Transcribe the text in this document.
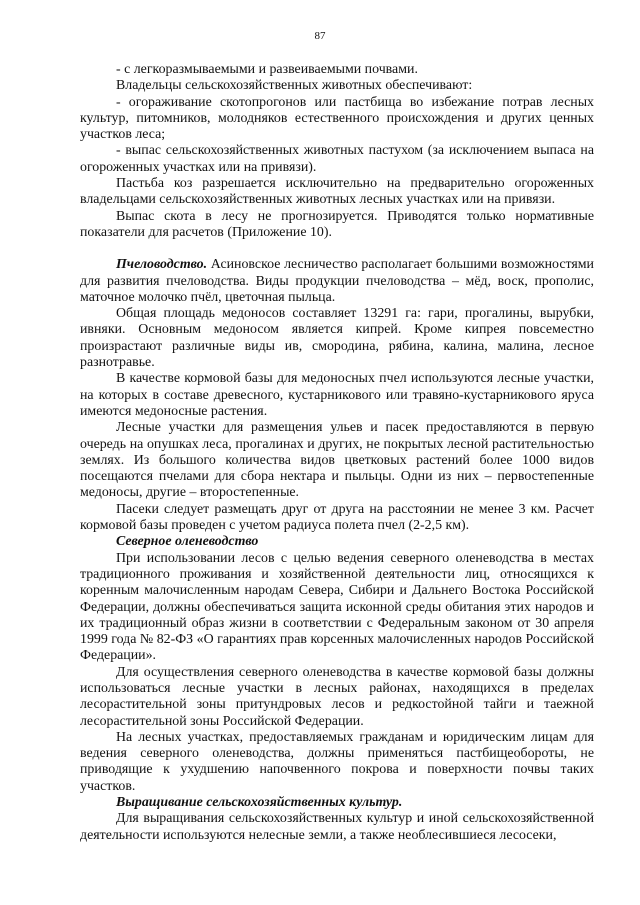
87

- с легкоразмываемыми и развеиваемыми почвами.

Владельцы сельскохозяйственных животных обеспечивают:

- огораживание скотопрогонов или пастбища во избежание потрав лесных культур, питомников, молодняков естественного происхождения и других ценных участков леса;

- выпас сельскохозяйственных животных пастухом (за исключением выпаса на огороженных участках или на привязи).

Пастьба коз разрешается исключительно на предварительно огороженных владельцами сельскохозяйственных животных лесных участках или на привязи.

Выпас скота в лесу не прогнозируется. Приводятся только нормативные показатели для расчетов (Приложение 10).

Пчеловодство. Асиновское лесничество располагает большими возможностями для развития пчеловодства. Виды продукции пчеловодства – мёд, воск, прополис, маточное молочко пчёл, цветочная пыльца.

Общая площадь медоносов составляет 13291 га: гари, прогалины, вырубки, ивняки. Основным медоносом является кипрей. Кроме кипрея повсеместно произрастают различные виды ив, смородина, рябина, калина, малина, лесное разнотравье.

В качестве кормовой базы для медоносных пчел используются лесные участки, на которых в составе древесного, кустарникового или травяно-кустарникового яруса имеются медоносные растения.

Лесные участки для размещения ульев и пасек предоставляются в первую очередь на опушках леса, прогалинах и других, не покрытых лесной растительностью землях. Из большого количества видов цветковых растений более 1000 видов посещаются пчелами для сбора нектара и пыльцы. Одни из них – первостепенные медоносы, другие – второстепенные.

Пасеки следует размещать друг от друга на расстоянии не менее 3 км. Расчет кормовой базы проведен с учетом радиуса полета пчел (2-2,5 км).

Северное оленеводство

При использовании лесов с целью ведения северного оленеводства в местах традиционного проживания и хозяйственной деятельности лиц, относящихся к коренным малочисленным народам Севера, Сибири и Дальнего Востока Российской Федерации, должны обеспечиваться защита исконной среды обитания этих народов и их традиционный образ жизни в соответствии с Федеральным законом от 30 апреля 1999 года № 82-ФЗ «О гарантиях прав корсенных малочисленных народов Российской Федерации».

Для осуществления северного оленеводства в качестве кормовой базы должны использоваться лесные участки в лесных районах, находящихся в пределах лесорастительной зоны притундровых лесов и редкостойной тайги и таежной лесорастительной зоны Российской Федерации.

На лесных участках, предоставляемых гражданам и юридическим лицам для ведения северного оленеводства, должны применяться пастбищеобороты, не приводящие к ухудшению напочвенного покрова и поверхности почвы таких участков.

Выращивание сельскохозяйственных культур.

Для выращивания сельскохозяйственных культур и иной сельскохозяйственной деятельности используются нелесные земли, а также необлесившиеся лесосеки,
